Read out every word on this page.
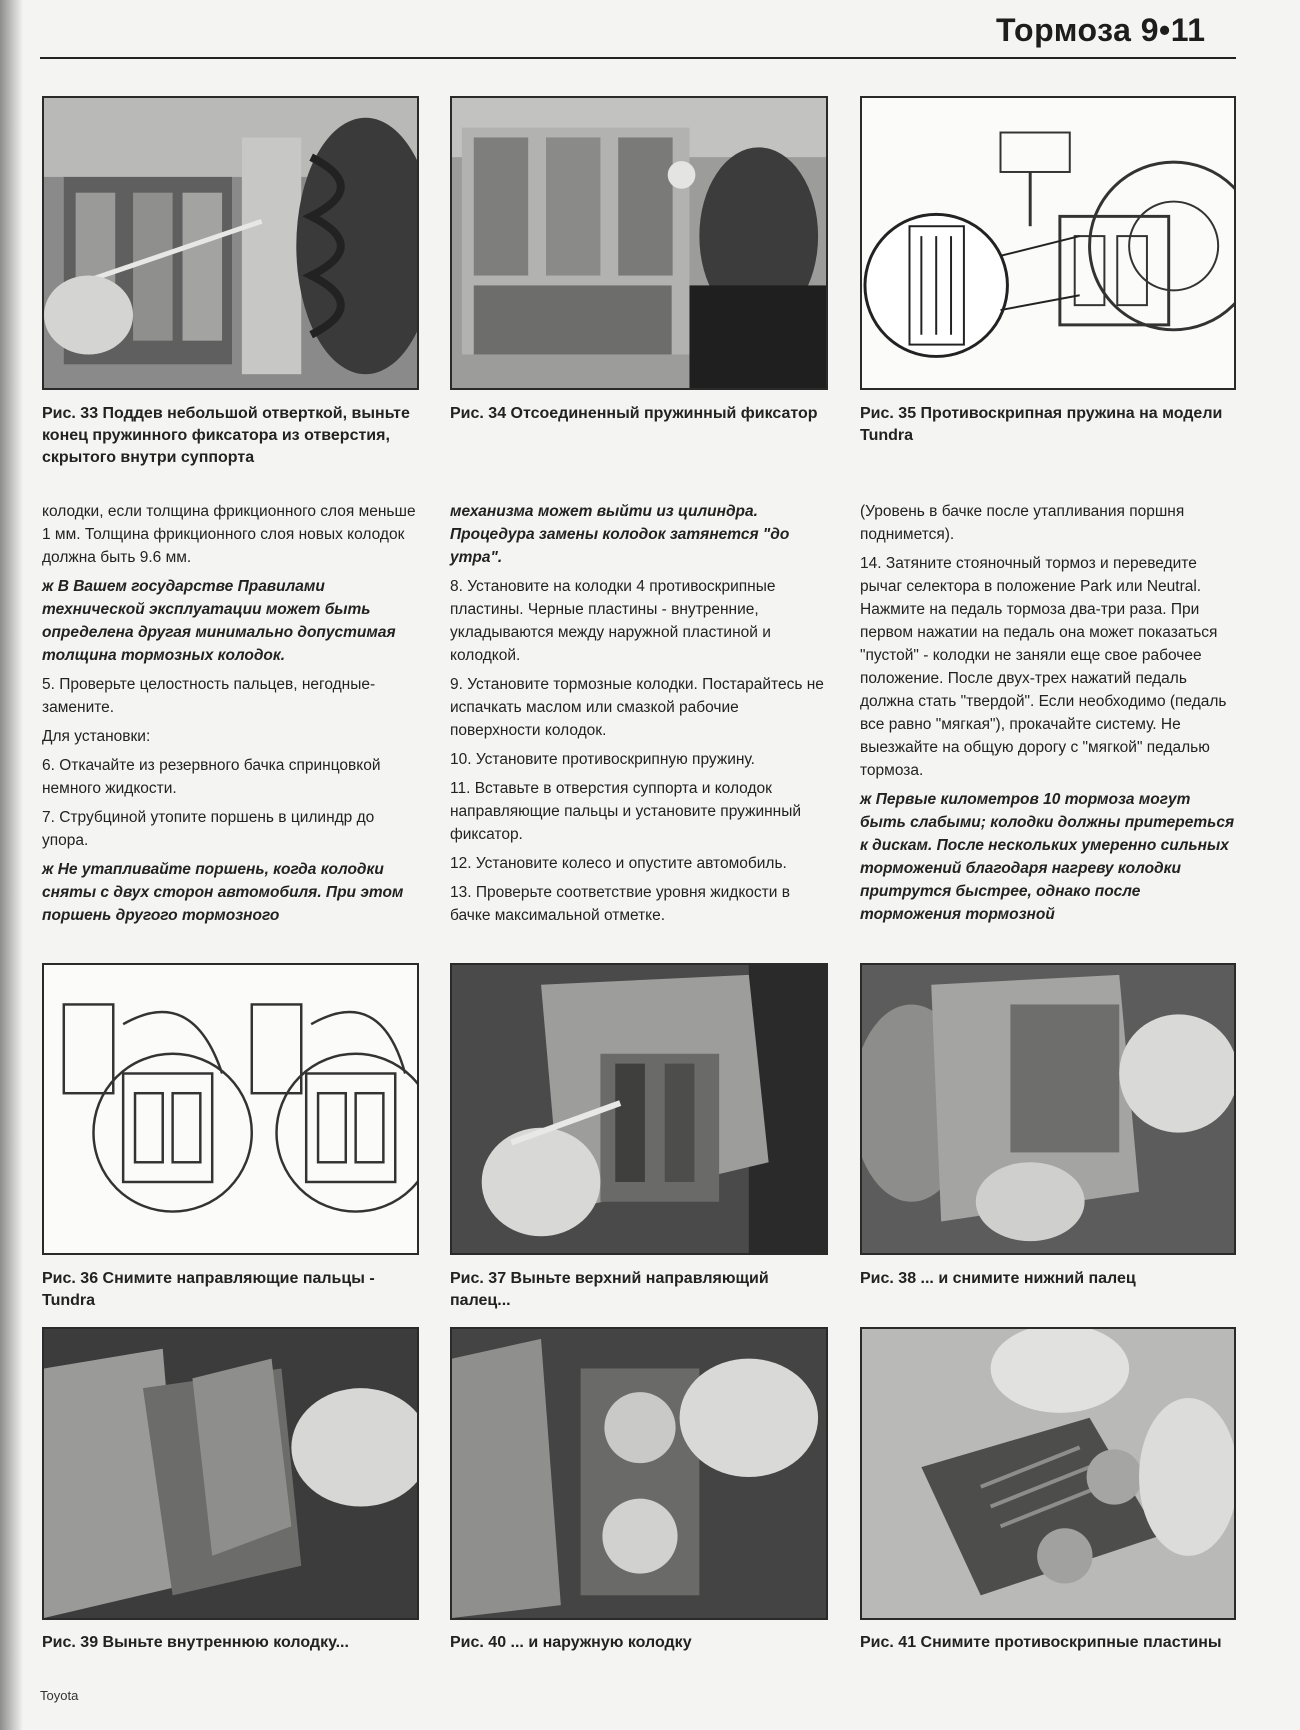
Тормоза 9•11
Рис. 33 Поддев небольшой отверткой, выньте конец пружинного фиксатора из отверстия, скрытого внутри суппорта
Рис. 34 Отсоединенный пружинный фиксатор	Рис. 35 Противоскрипная пружина на модели Tundra

колодки, если толщина фрикционного слоя меньше 1 мм. Толщина фрикционного слоя новых колодок должна быть 9.6 мм.

ж В Вашем государстве Правилами технической эксплуатации может быть определена другая минимально допустимая толщина тормозных колодок.

5. Проверьте целостность пальцев, негодные-замените.

Для установки:

6. Откачайте из резервного бачка спринцовкой немного жидкости.

7. Струбциной утопите поршень в цилиндр до упора.

ж Не утапливайте поршень, когда колодки сняты с двух сторон автомобиля. При этом поршень другого тормозного

механизма может выйти из цилиндра. Процедура замены колодок затянется "до утра".

8. Установите на колодки 4 противоскрипные пластины. Черные пластины - внутренние, укладываются между наружной пластиной и колодкой.

9. Установите тормозные колодки. Постарайтесь не испачкать маслом или смазкой рабочие поверхности колодок.

10. Установите противоскрипную пружину.

11. Вставьте в отверстия суппорта и колодок направляющие пальцы и установите пружинный фиксатор.

12. Установите колесо и опустите автомобиль.

13. Проверьте соответствие уровня жидкости в бачке максимальной отметке.

(Уровень в бачке после утапливания поршня поднимется).

14. Затяните стояночный тормоз и переведите рычаг селектора в положение Park или Neutral. Нажмите на педаль тормоза два-три раза. При первом нажатии на педаль она может показаться "пустой" - колодки не заняли еще свое рабочее положение. После двух-трех нажатий педаль должна стать "твердой". Если необходимо (педаль все равно "мягкая"), прокачайте систему. Не выезжайте на общую дорогу с "мягкой" педалью тормоза.

ж Первые километров 10 тормоза могут быть слабыми; колодки должны притереться к дискам. После нескольких умеренно сильных торможений благодаря нагреву колодки притрутся быстрее, однако после торможения тормозной

Рис. 36 Снимите направляющие пальцы - Tundra
Рис. 37 Выньте верхний направляющий палец...
Рис. 38 ... и снимите нижний палец
Рис. 39 Выньте внутреннюю колодку...	Рис. 40 ... и наружную колодку	Рис. 41 Снимите противоскрипные пластины
Toyota
